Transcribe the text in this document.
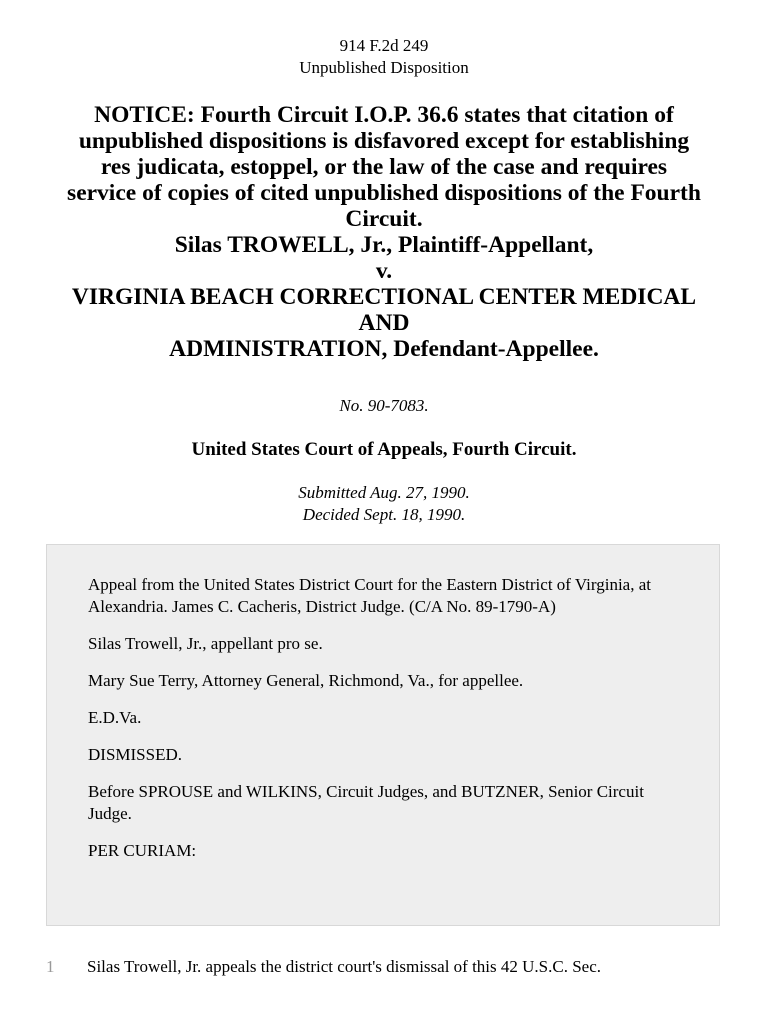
914 F.2d 249
Unpublished Disposition
NOTICE: Fourth Circuit I.O.P. 36.6 states that citation of
unpublished dispositions is disfavored except for establishing
res judicata, estoppel, or the law of the case and requires
service of copies of cited unpublished dispositions of the Fourth
Circuit.
Silas TROWELL, Jr., Plaintiff-Appellant,
v.
VIRGINIA BEACH CORRECTIONAL CENTER MEDICAL
AND
ADMINISTRATION, Defendant-Appellee.
No. 90-7083.
United States Court of Appeals, Fourth Circuit.
Submitted Aug. 27, 1990.
Decided Sept. 18, 1990.

Appeal from the United States District Court for the Eastern District of Virginia, at Alexandria. James C. Cacheris, District Judge. (C/A No. 89-1790-A)

Silas Trowell, Jr., appellant pro se.

Mary Sue Terry, Attorney General, Richmond, Va., for appellee.

E.D.Va.

DISMISSED.

Before SPROUSE and WILKINS, Circuit Judges, and BUTZNER, Senior Circuit Judge.

PER CURIAM:

1 Silas Trowell, Jr. appeals the district court's dismissal of this 42 U.S.C. Sec.
